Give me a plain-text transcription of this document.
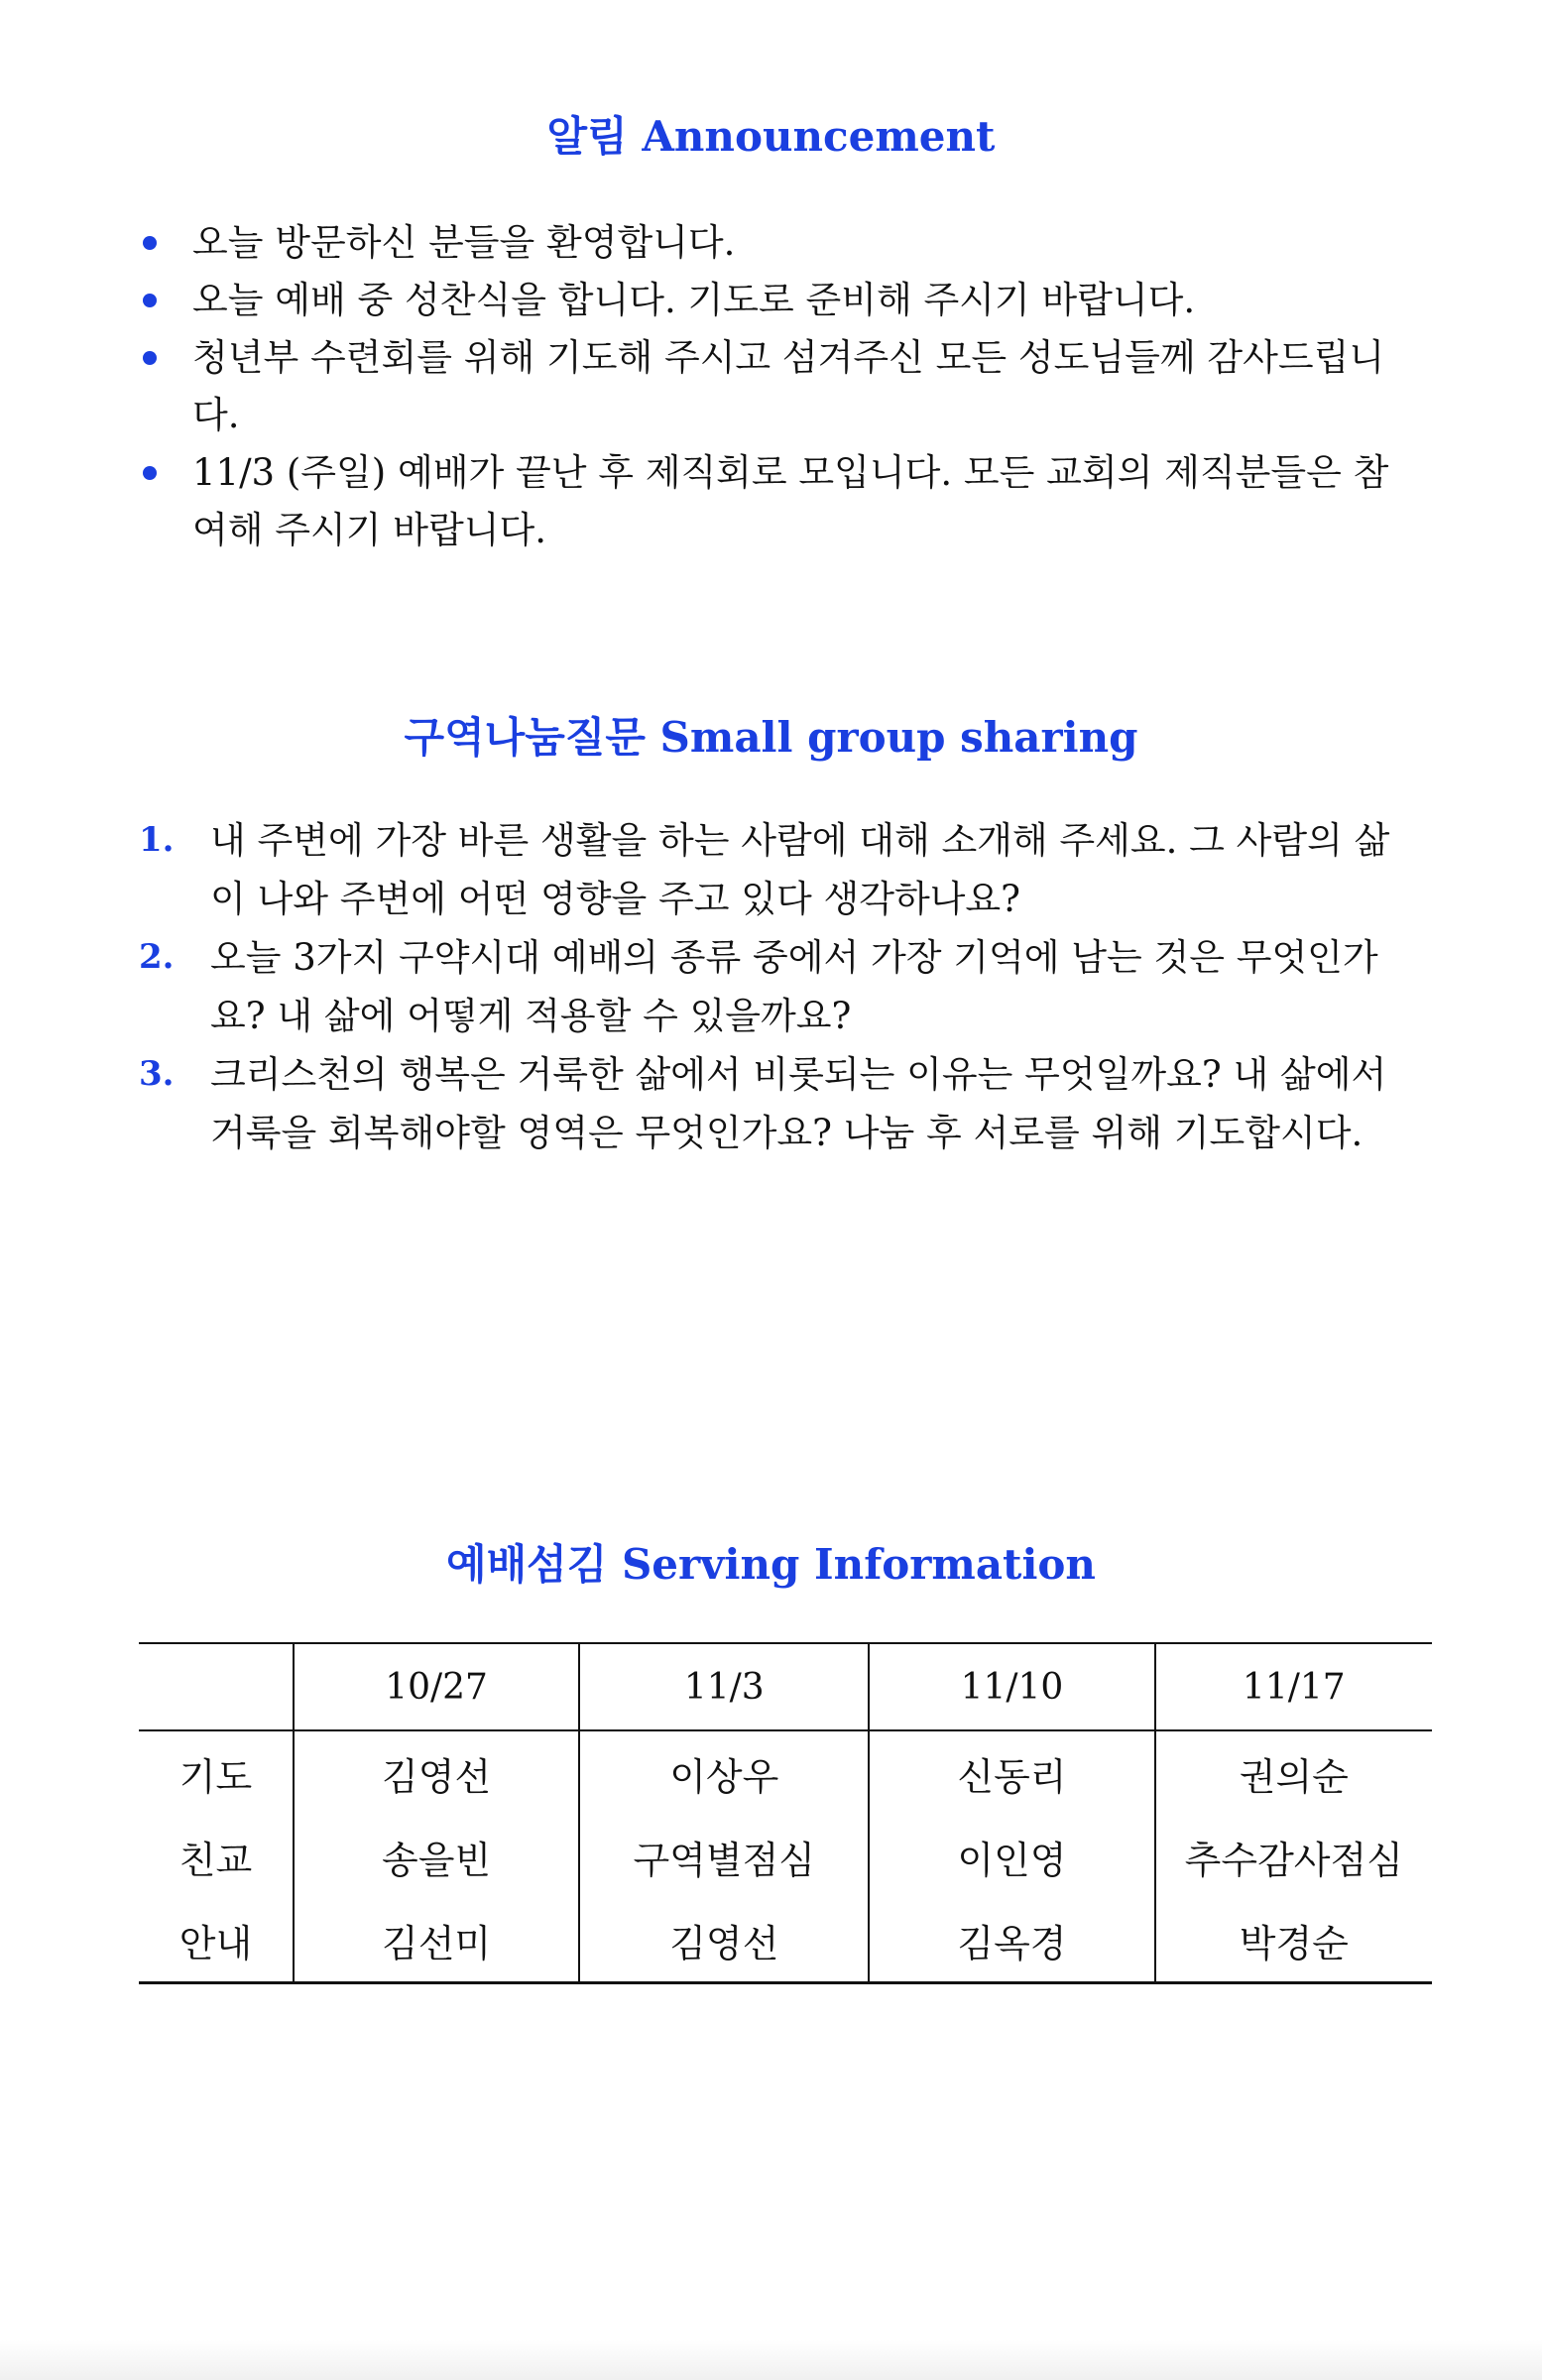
알림 Announcement
오늘 방문하신 분들을 환영합니다.
오늘 예배 중 성찬식을 합니다. 기도로 준비해 주시기 바랍니다.
청년부 수련회를 위해 기도해 주시고 섬겨주신 모든 성도님들께 감사드립니다.
11/3 (주일) 예배가 끝난 후 제직회로 모입니다. 모든 교회의 제직분들은 참여해 주시기 바랍니다.
구역나눔질문 Small group sharing
1. 내 주변에 가장 바른 생활을 하는 사람에 대해 소개해 주세요. 그 사람의 삶이 나와 주변에 어떤 영향을 주고 있다 생각하나요?
2. 오늘 3가지 구약시대 예배의 종류 중에서 가장 기억에 남는 것은 무엇인가요? 내 삶에 어떻게 적용할 수 있을까요?
3. 크리스천의 행복은 거룩한 삶에서 비롯되는 이유는 무엇일까요? 내 삶에서 거룩을 회복해야할 영역은 무엇인가요? 나눔 후 서로를 위해 기도합시다.
예배섬김 Serving Information
	10/27	11/3	11/10	11/17
기도	김영선	이상우	신동리	권의순
친교	송을빈	구역별점심	이인영	추수감사점심
안내	김선미	김영선	김옥경	박경순
